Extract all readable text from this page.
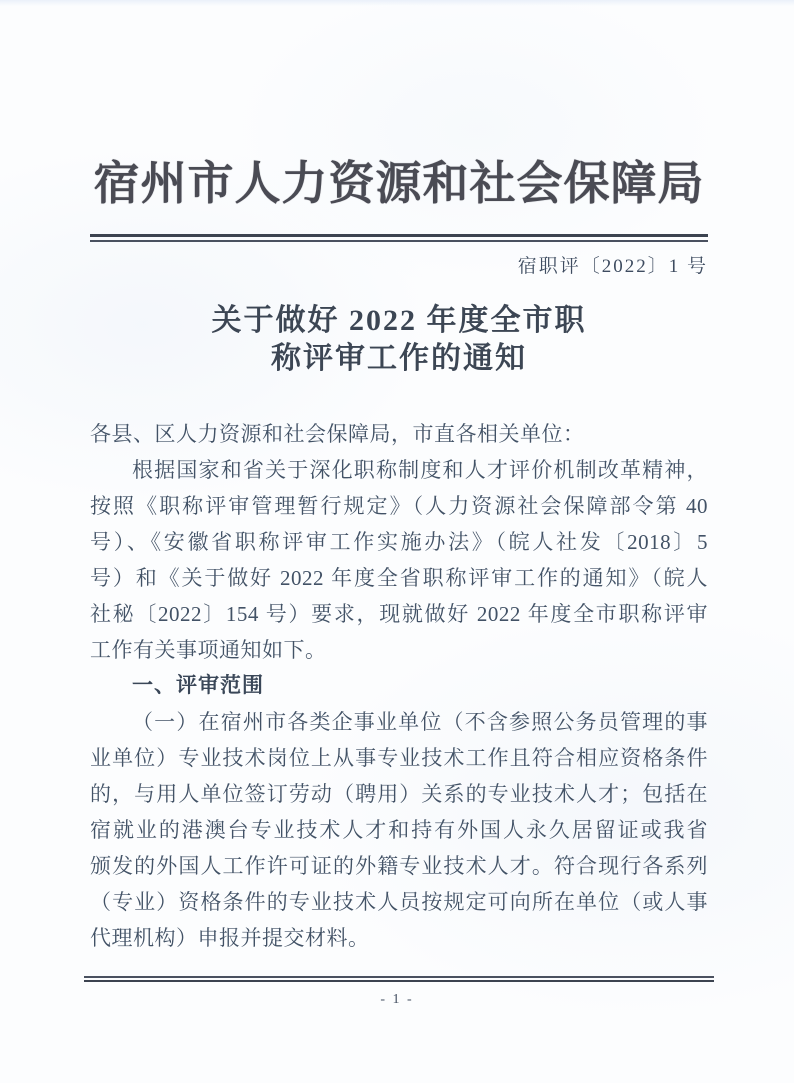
宿州市人力资源和社会保障局
宿职评〔2022〕1 号
关于做好 2022 年度全市职
称评审工作的通知
各县、区人力资源和社会保障局，市直各相关单位：
根据国家和省关于深化职称制度和人才评价机制改革精神，
按照《职称评审管理暂行规定》（人力资源社会保障部令第 40
号）、《安徽省职称评审工作实施办法》（皖人社发〔2018〕5
号）和《关于做好 2022 年度全省职称评审工作的通知》（皖人
社秘〔2022〕154 号）要求，现就做好 2022 年度全市职称评审
工作有关事项通知如下。
一、评审范围
（一）在宿州市各类企事业单位（不含参照公务员管理的事
业单位）专业技术岗位上从事专业技术工作且符合相应资格条件
的，与用人单位签订劳动（聘用）关系的专业技术人才；包括在
宿就业的港澳台专业技术人才和持有外国人永久居留证或我省
颁发的外国人工作许可证的外籍专业技术人才。符合现行各系列
（专业）资格条件的专业技术人员按规定可向所在单位（或人事
代理机构）申报并提交材料。
- 1 -
